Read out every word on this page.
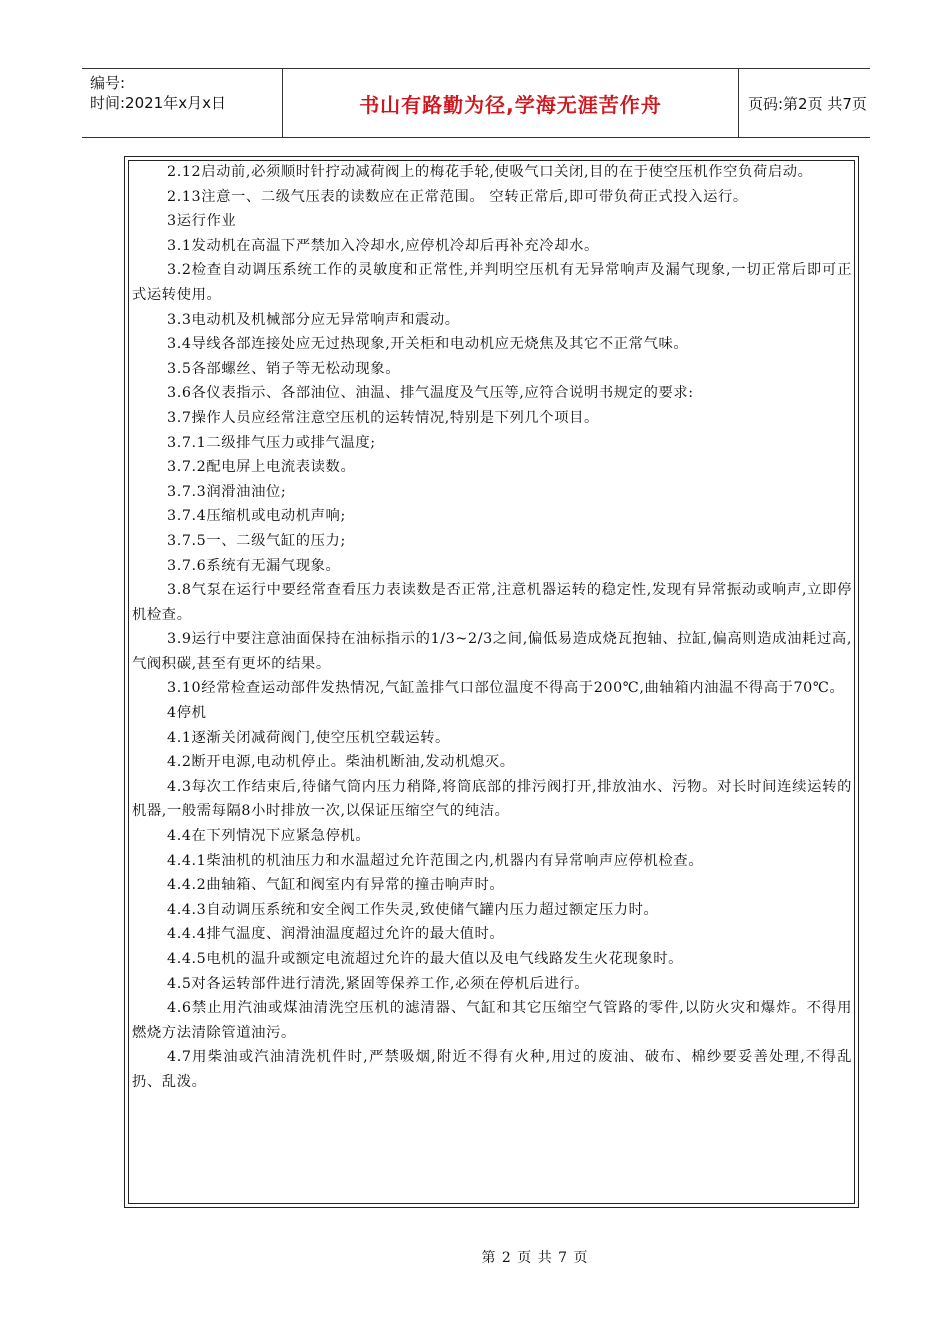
编号:
时间:2021年x月x日	书山有路勤为径,学海无涯苦作舟	页码:第2页 共7页

2.12启动前,必须顺时针拧动减荷阀上的梅花手轮,使吸气口关闭,目的在于使空压机作空负荷启动。

2.13注意一、二级气压表的读数应在正常范围。 空转正常后,即可带负荷正式投入运行。

3运行作业

3.1发动机在高温下严禁加入冷却水,应停机冷却后再补充冷却水。

3.2检查自动调压系统工作的灵敏度和正常性,并判明空压机有无异常响声及漏气现象,一切正常后即可正式运转使用。

3.3电动机及机械部分应无异常响声和震动。

3.4导线各部连接处应无过热现象,开关柜和电动机应无烧焦及其它不正常气味。

3.5各部螺丝、销子等无松动现象。

3.6各仪表指示、各部油位、油温、排气温度及气压等,应符合说明书规定的要求:

3.7操作人员应经常注意空压机的运转情况,特别是下列几个项目。

3.7.1二级排气压力或排气温度;

3.7.2配电屏上电流表读数。

3.7.3润滑油油位;

3.7.4压缩机或电动机声响;

3.7.5一、二级气缸的压力;

3.7.6系统有无漏气现象。

3.8气泵在运行中要经常查看压力表读数是否正常,注意机器运转的稳定性,发现有异常振动或响声,立即停机检查。

3.9运行中要注意油面保持在油标指示的1/3~2/3之间,偏低易造成烧瓦抱轴、拉缸,偏高则造成油耗过高,气阀积碳,甚至有更坏的结果。

3.10经常检查运动部件发热情况,气缸盖排气口部位温度不得高于200℃,曲轴箱内油温不得高于70℃。

4停机

4.1逐渐关闭减荷阀门,使空压机空载运转。

4.2断开电源,电动机停止。柴油机断油,发动机熄灭。

4.3每次工作结束后,待储气筒内压力稍降,将筒底部的排污阀打开,排放油水、污物。对长时间连续运转的机器,一般需每隔8小时排放一次,以保证压缩空气的纯洁。

4.4在下列情况下应紧急停机。

4.4.1柴油机的机油压力和水温超过允许范围之内,机器内有异常响声应停机检查。

4.4.2曲轴箱、气缸和阀室内有异常的撞击响声时。

4.4.3自动调压系统和安全阀工作失灵,致使储气罐内压力超过额定压力时。

4.4.4排气温度、润滑油温度超过允许的最大值时。

4.4.5电机的温升或额定电流超过允许的最大值以及电气线路发生火花现象时。

4.5对各运转部件进行清洗,紧固等保养工作,必须在停机后进行。

4.6禁止用汽油或煤油清洗空压机的滤清器、气缸和其它压缩空气管路的零件,以防火灾和爆炸。不得用燃烧方法清除管道油污。

4.7用柴油或汽油清洗机件时,严禁吸烟,附近不得有火种,用过的废油、破布、棉纱要妥善处理,不得乱扔、乱泼。

第 2 页 共 7 页
